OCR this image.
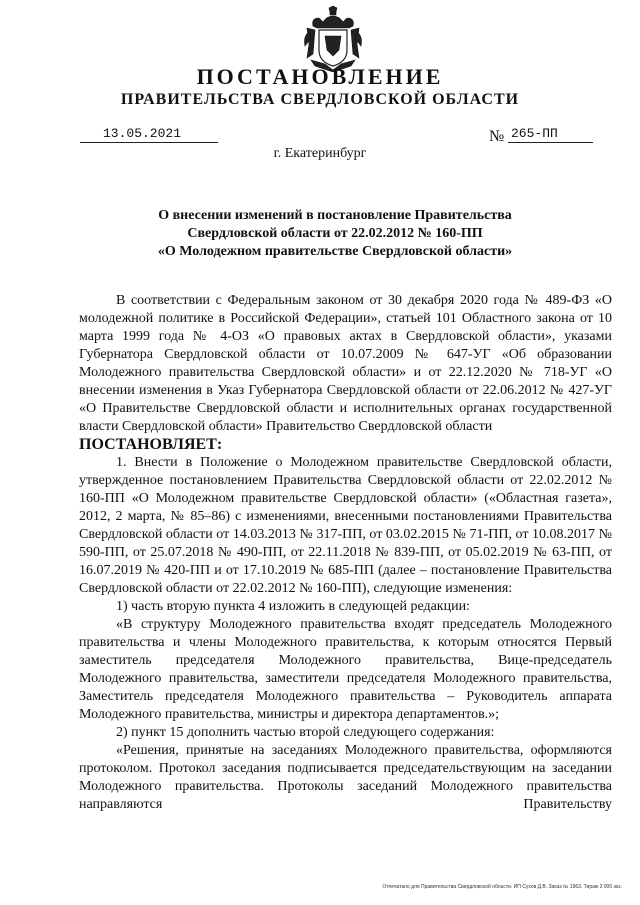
ПОСТАНОВЛЕНИЕ
ПРАВИТЕЛЬСТВА СВЕРДЛОВСКОЙ ОБЛАСТИ
13.05.2021	№ 265-ПП
г. Екатеринбург
О внесении изменений в постановление Правительства
Свердловской области от 22.02.2012 № 160-ПП
«О Молодежном правительстве Свердловской области»

В соответствии с Федеральным законом от 30 декабря 2020 года № 489-ФЗ «О молодежной политике в Российской Федерации», статьей 101 Областного закона от 10 марта 1999 года № 4-ОЗ «О правовых актах в Свердловской области», указами Губернатора Свердловской области от 10.07.2009 № 647-УГ «Об образовании Молодежного правительства Свердловской области» и от 22.12.2020 № 718-УГ «О внесении изменения в Указ Губернатора Свердловской области от 22.06.2012 № 427-УГ «О Правительстве Свердловской области и исполнительных органах государственной власти Свердловской области» Правительство Свердловской области

ПОСТАНОВЛЯЕТ:

1. Внести в Положение о Молодежном правительстве Свердловской области, утвержденное постановлением Правительства Свердловской области от 22.02.2012 № 160-ПП «О Молодежном правительстве Свердловской области» («Областная газета», 2012, 2 марта, № 85–86) с изменениями, внесенными постановлениями Правительства Свердловской области от 14.03.2013 № 317-ПП, от 03.02.2015 № 71-ПП, от 10.08.2017 № 590-ПП, от 25.07.2018 № 490-ПП, от 22.11.2018 № 839-ПП, от 05.02.2019 № 63-ПП, от 16.07.2019 № 420-ПП и от 17.10.2019 № 685-ПП (далее – постановление Правительства Свердловской области от 22.02.2012 № 160-ПП), следующие изменения:

1) часть вторую пункта 4 изложить в следующей редакции:

«В структуру Молодежного правительства входят председатель Молодежного правительства и члены Молодежного правительства, к которым относятся Первый заместитель председателя Молодежного правительства, Вице-председатель Молодежного правительства, заместители председателя Молодежного правительства, Заместитель председателя Молодежного правительства – Руководитель аппарата Молодежного правительства, министры и директора департаментов.»;

2) пункт 15 дополнить частью второй следующего содержания:

«Решения, принятые на заседаниях Молодежного правительства, оформляются протоколом. Протокол заседания подписывается председательствующим на заседании Молодежного правительства. Протоколы заседаний Молодежного правительства направляются Правительству

Отпечатано для Правительства Свердловской области. ИП Сухов Д.В. Заказ № 1963. Тираж 2 000 экз.
